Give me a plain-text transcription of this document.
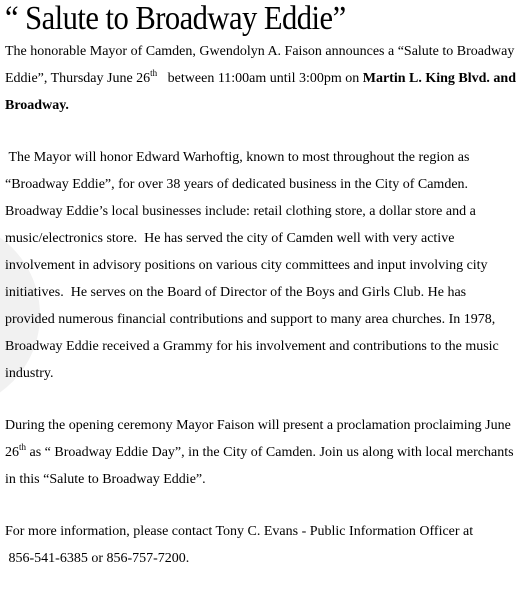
“ Salute to Broadway Eddie”

The honorable Mayor of Camden, Gwendolyn A. Faison announces a “Salute to Broadway Eddie”, Thursday June 26th   between 11:00am until 3:00pm on Martin L. King Blvd. and Broadway.

The Mayor will honor Edward Warhoftig, known to most throughout the region as “Broadway Eddie”, for over 38 years of dedicated business in the City of Camden. Broadway Eddie’s local businesses include: retail clothing store, a dollar store and a music/electronics store.  He has served the city of Camden well with very active involvement in advisory positions on various city committees and input involving city initiatives.  He serves on the Board of Director of the Boys and Girls Club. He has provided numerous financial contributions and support to many area churches. In 1978, Broadway Eddie received a Grammy for his involvement and contributions to the music industry.

During the opening ceremony Mayor Faison will present a proclamation proclaiming June 26th as “ Broadway Eddie Day”, in the City of Camden. Join us along with local merchants in this “Salute to Broadway Eddie”.

For more information, please contact Tony C. Evans - Public Information Officer at
856-541-6385 or 856-757-7200.
